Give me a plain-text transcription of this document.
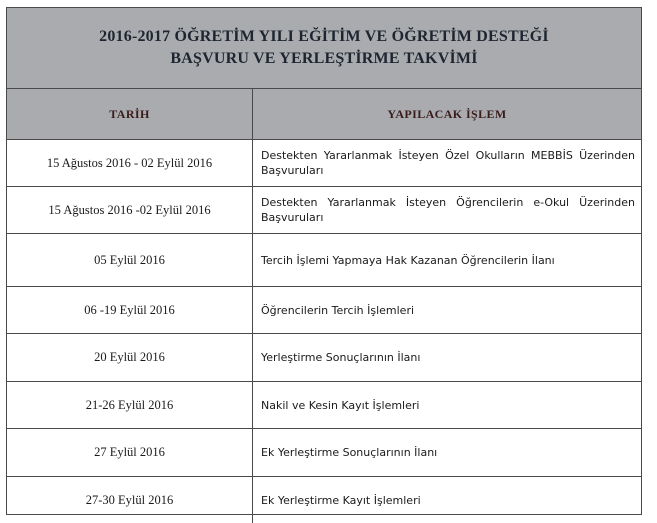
2016-2017 ÖĞRETİM YILI EĞİTİM VE ÖĞRETİM DESTEĞİ
BAŞVURU VE YERLEŞTİRME TAKVİMİ
TARİH	YAPILACAK İŞLEM
15 Ağustos 2016 - 02 Eylül 2016	Destekten Yararlanmak İsteyen Özel Okulların MEBBİS Üzerinden Başvuruları
15 Ağustos 2016 -02 Eylül 2016	Destekten Yararlanmak İsteyen Öğrencilerin e-Okul Üzerinden Başvuruları
05 Eylül 2016	Tercih İşlemi Yapmaya Hak Kazanan Öğrencilerin İlanı
06 -19 Eylül 2016	Öğrencilerin Tercih İşlemleri
20 Eylül 2016	Yerleştirme Sonuçlarının İlanı
21-26 Eylül 2016	Nakil ve Kesin Kayıt İşlemleri
27 Eylül 2016	Ek Yerleştirme Sonuçlarının İlanı
27-30 Eylül 2016	Ek Yerleştirme Kayıt İşlemleri
